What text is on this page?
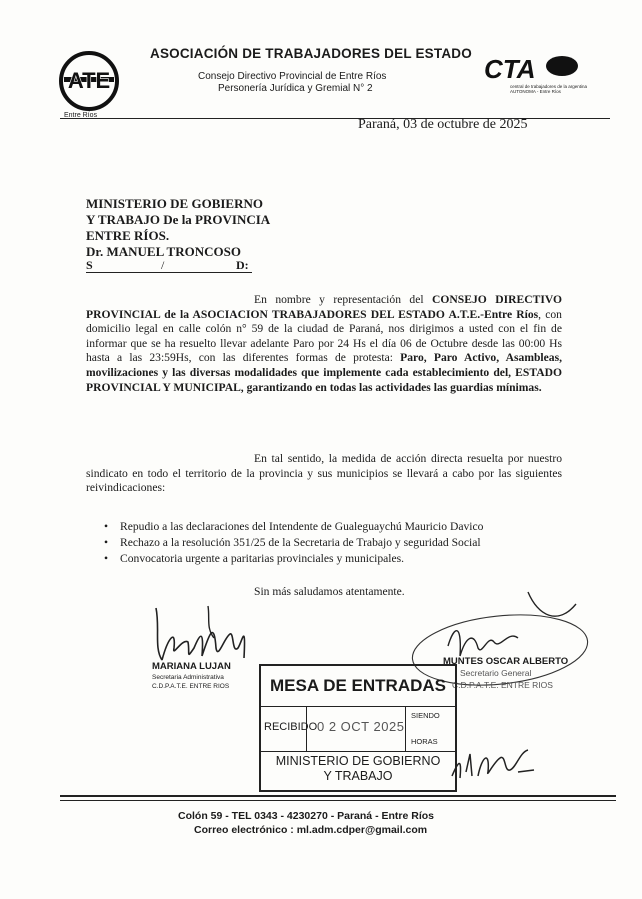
ATE
Entre Ríos
ASOCIACIÓN DE TRABAJADORES DEL ESTADO
Consejo Directivo Provincial de Entre Ríos
Personería Jurídica y Gremial N° 2
CTA
central de trabajadores de la argentina AUTONOMA - Entre Ríos
Paraná, 03 de octubre de 2025
MINISTERIO DE GOBIERNO
Y TRABAJO De la PROVINCIA
ENTRE RÍOS.
Dr. MANUEL TRONCOSO
S	/	D:
En nombre y representación del CONSEJO DIRECTIVO PROVINCIAL de la ASOCIACION TRABAJADORES DEL ESTADO A.T.E.-Entre Ríos, con domicilio legal en calle colón n° 59 de la ciudad de Paraná, nos dirigimos a usted con el fin de informar que se ha resuelto llevar adelante Paro por 24 Hs el día 06 de Octubre desde las 00:00 Hs hasta a las 23:59Hs, con las diferentes formas de protesta: Paro, Paro Activo, Asambleas, movilizaciones y las diversas modalidades que implemente cada establecimiento del, ESTADO PROVINCIAL Y MUNICIPAL, garantizando en todas las actividades las guardias mínimas.
En tal sentido, la medida de acción directa resuelta por nuestro sindicato en todo el territorio de la provincia y sus municipios se llevará a cabo por las siguientes reivindicaciones:
• Repudio a las declaraciones del Intendente de Gualeguaychú Mauricio Davico
• Rechazo a la resolución 351/25 de la Secretaria de Trabajo y seguridad Social
• Convocatoria urgente a paritarias provinciales y municipales.
Sin más saludamos atentamente.
MARIANA LUJAN
Secretaria Administrativa
C.D.P.A.T.E. ENTRE RIOS
MUNTES OSCAR ALBERTO
Secretario General
C.D.P.A.T.E. ENTRE RIOS
MESA DE ENTRADAS
RECIBIDO 0 2 OCT 2025
SIENDO
HORAS
MINISTERIO DE GOBIERNO
Y TRABAJO
Colón 59 - TEL 0343 - 4230270 - Paraná - Entre Ríos
Correo electrónico : ml.adm.cdper@gmail.com
